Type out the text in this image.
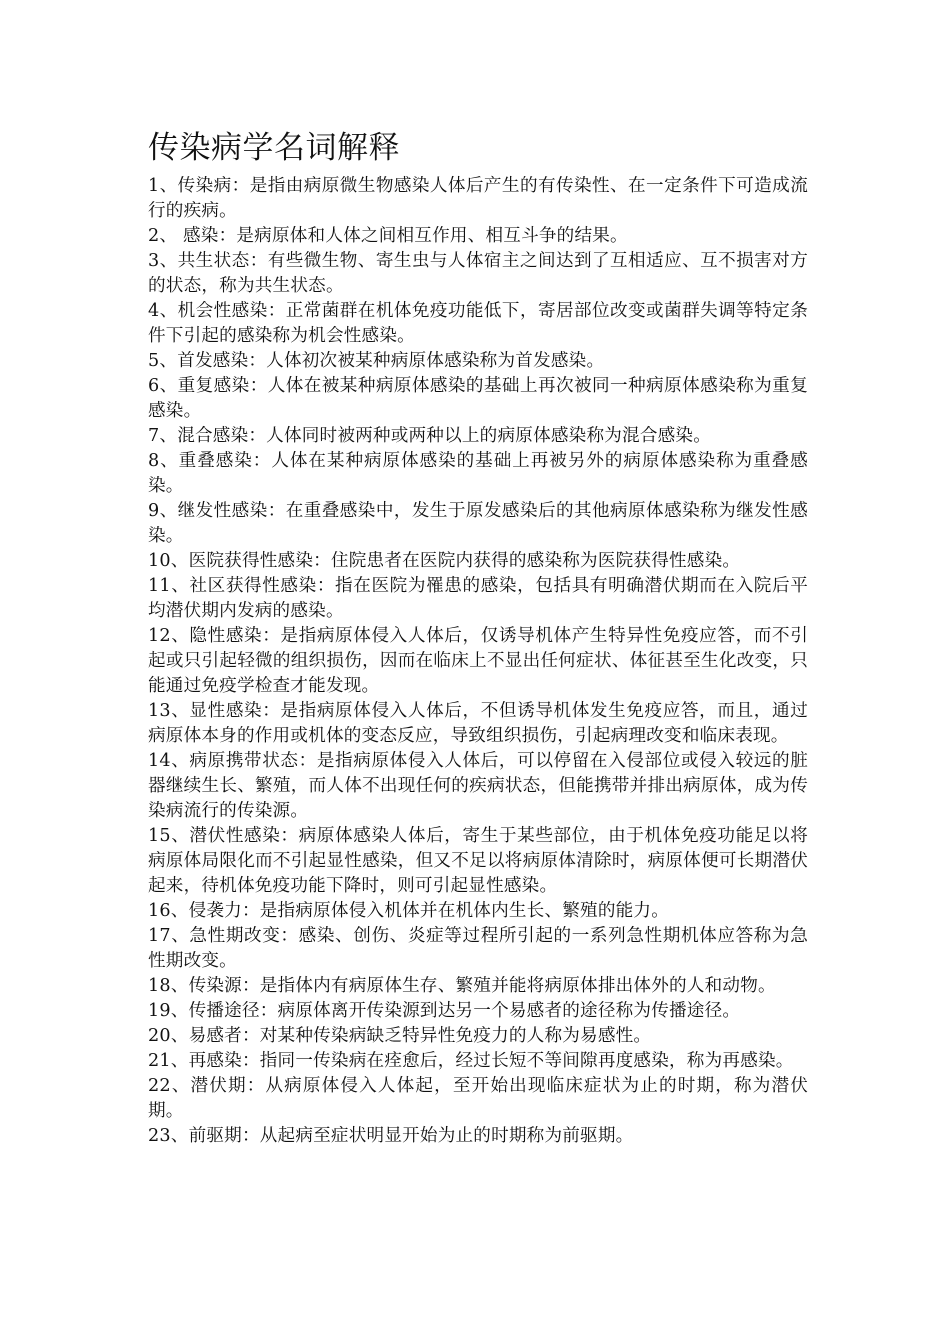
传染病学名词解释

1、传染病：是指由病原微生物感染人体后产生的有传染性、在一定条件下可造成流行的疾病。

2、 感染：是病原体和人体之间相互作用、相互斗争的结果。

3、共生状态：有些微生物、寄生虫与人体宿主之间达到了互相适应、互不损害对方的状态，称为共生状态。

4、机会性感染：正常菌群在机体免疫功能低下，寄居部位改变或菌群失调等特定条件下引起的感染称为机会性感染。

5、首发感染：人体初次被某种病原体感染称为首发感染。

6、重复感染：人体在被某种病原体感染的基础上再次被同一种病原体感染称为重复感染。

7、混合感染：人体同时被两种或两种以上的病原体感染称为混合感染。

8、重叠感染：人体在某种病原体感染的基础上再被另外的病原体感染称为重叠感染。

9、继发性感染：在重叠感染中，发生于原发感染后的其他病原体感染称为继发性感染。

10、医院获得性感染：住院患者在医院内获得的感染称为医院获得性感染。

11、社区获得性感染：指在医院为罹患的感染，包括具有明确潜伏期而在入院后平均潜伏期内发病的感染。

12、隐性感染：是指病原体侵入人体后，仅诱导机体产生特异性免疫应答，而不引起或只引起轻微的组织损伤，因而在临床上不显出任何症状、体征甚至生化改变，只能通过免疫学检查才能发现。

13、显性感染：是指病原体侵入人体后，不但诱导机体发生免疫应答，而且，通过病原体本身的作用或机体的变态反应，导致组织损伤，引起病理改变和临床表现。

14、病原携带状态：是指病原体侵入人体后，可以停留在入侵部位或侵入较远的脏器继续生长、繁殖，而人体不出现任何的疾病状态，但能携带并排出病原体，成为传染病流行的传染源。

15、潜伏性感染：病原体感染人体后，寄生于某些部位，由于机体免疫功能足以将病原体局限化而不引起显性感染，但又不足以将病原体清除时，病原体便可长期潜伏起来，待机体免疫功能下降时，则可引起显性感染。

16、侵袭力：是指病原体侵入机体并在机体内生长、繁殖的能力。

17、急性期改变：感染、创伤、炎症等过程所引起的一系列急性期机体应答称为急性期改变。

18、传染源：是指体内有病原体生存、繁殖并能将病原体排出体外的人和动物。

19、传播途径：病原体离开传染源到达另一个易感者的途径称为传播途径。

20、易感者：对某种传染病缺乏特异性免疫力的人称为易感性。

21、再感染：指同一传染病在痊愈后，经过长短不等间隙再度感染，称为再感染。

22、潜伏期：从病原体侵入人体起，至开始出现临床症状为止的时期，称为潜伏期。

23、前驱期：从起病至症状明显开始为止的时期称为前驱期。
